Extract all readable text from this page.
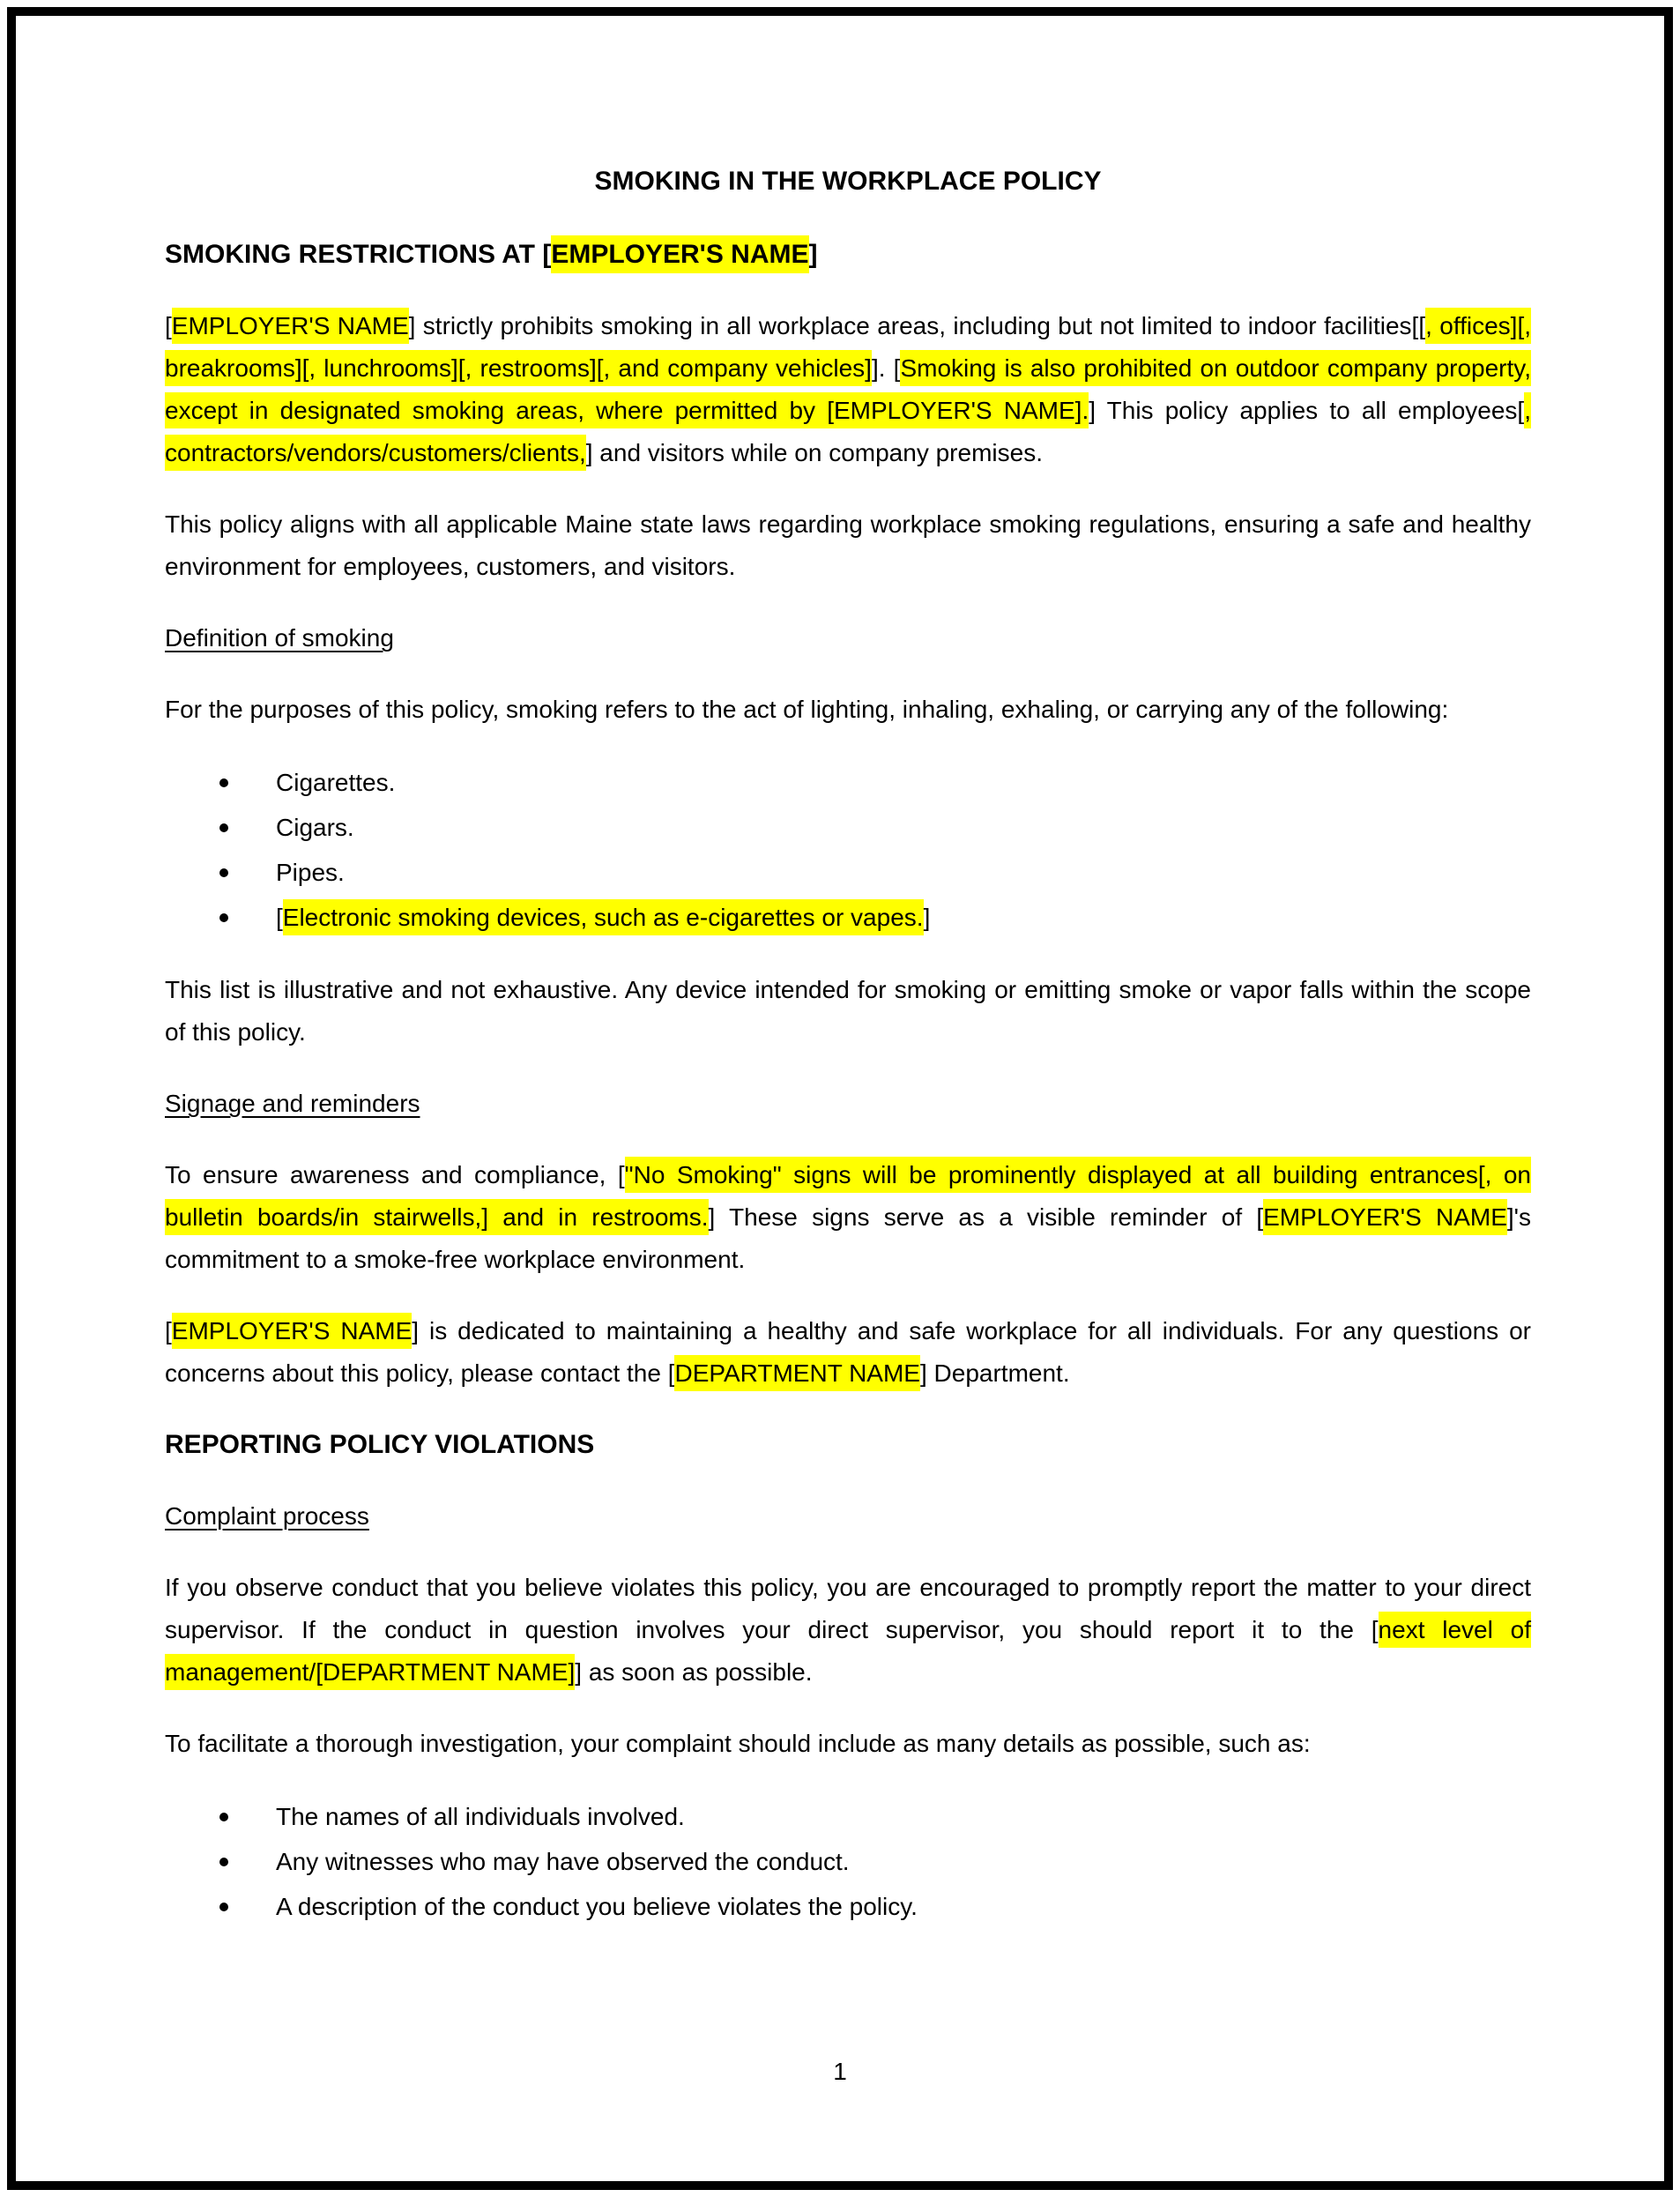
SMOKING IN THE WORKPLACE POLICY
SMOKING RESTRICTIONS AT [EMPLOYER'S NAME]

[EMPLOYER'S NAME] strictly prohibits smoking in all workplace areas, including but not limited to indoor facilities[[, offices][, breakrooms][, lunchrooms][, restrooms][, and company vehicles]]. [Smoking is also prohibited on outdoor company property, except in designated smoking areas, where permitted by [EMPLOYER'S NAME].] This policy applies to all employees[, contractors/vendors/customers/clients,] and visitors while on company premises.

This policy aligns with all applicable Maine state laws regarding workplace smoking regulations, ensuring a safe and healthy environment for employees, customers, and visitors.

Definition of smoking

For the purposes of this policy, smoking refers to the act of lighting, inhaling, exhaling, or carrying any of the following:

Cigarettes.
Cigars.
Pipes.
[Electronic smoking devices, such as e-cigarettes or vapes.]

This list is illustrative and not exhaustive. Any device intended for smoking or emitting smoke or vapor falls within the scope of this policy.

Signage and reminders

To ensure awareness and compliance, ["No Smoking" signs will be prominently displayed at all building entrances[, on bulletin boards/in stairwells,] and in restrooms.] These signs serve as a visible reminder of [EMPLOYER'S NAME]'s commitment to a smoke-free workplace environment.

[EMPLOYER'S NAME] is dedicated to maintaining a healthy and safe workplace for all individuals. For any questions or concerns about this policy, please contact the [DEPARTMENT NAME] Department.

REPORTING POLICY VIOLATIONS
Complaint process

If you observe conduct that you believe violates this policy, you are encouraged to promptly report the matter to your direct supervisor. If the conduct in question involves your direct supervisor, you should report it to the [next level of management/[DEPARTMENT NAME]] as soon as possible.

To facilitate a thorough investigation, your complaint should include as many details as possible, such as:

The names of all individuals involved.
Any witnesses who may have observed the conduct.
A description of the conduct you believe violates the policy.
1
